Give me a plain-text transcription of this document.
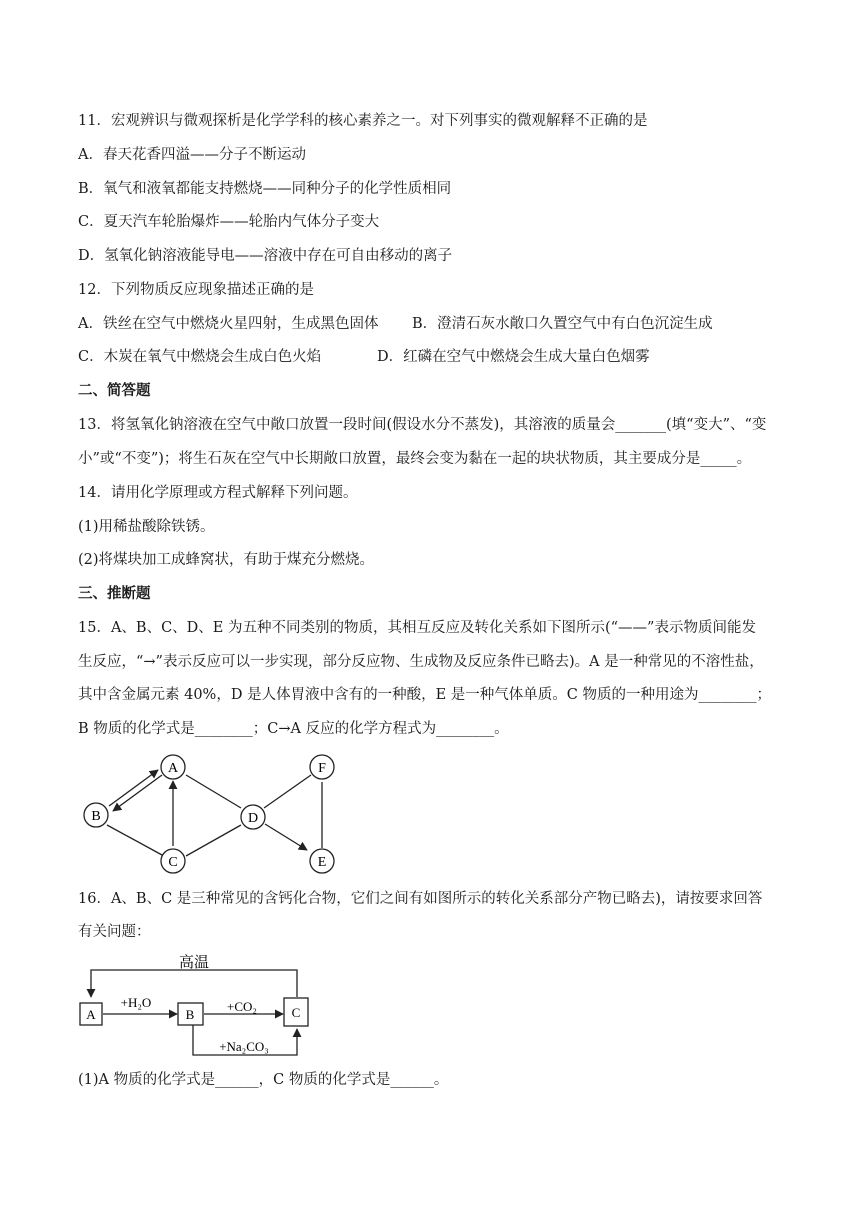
11．宏观辨识与微观探析是化学学科的核心素养之一。对下列事实的微观解释不正确的是
A．春天花香四溢——分子不断运动
B．氧气和液氧都能支持燃烧——同种分子的化学性质相同
C．夏天汽车轮胎爆炸——轮胎内气体分子变大
D．氢氧化钠溶液能导电——溶液中存在可自由移动的离子
12．下列物质反应现象描述正确的是
A．铁丝在空气中燃烧火星四射，生成黑色固体 B．澄清石灰水敞口久置空气中有白色沉淀生成
C．木炭在氧气中燃烧会生成白色火焰	D．红磷在空气中燃烧会生成大量白色烟雾
二、简答题
13．将氢氧化钠溶液在空气中敞口放置一段时间(假设水分不蒸发)，其溶液的质量会_______(填“变大”、“变
小”或“不变”)；将生石灰在空气中长期敞口放置，最终会变为黏在一起的块状物质，其主要成分是_____。
14．请用化学原理或方程式解释下列问题。
(1)用稀盐酸除铁锈。
(2)将煤块加工成蜂窝状，有助于煤充分燃烧。
三、推断题
15．A、B、C、D、E 为五种不同类别的物质，其相互反应及转化关系如下图所示(“——”表示物质间能发
生反应，“→”表示反应可以一步实现，部分反应物、生成物及反应条件已略去)。A 是一种常见的不溶性盐，
其中含金属元素 40%，D 是人体胃液中含有的一种酸，E 是一种气体单质。C 物质的一种用途为________；
B 物质的化学式是________；C→A 反应的化学方程式为________。
A
B
C
D
F
E
16．A、B、C 是三种常见的含钙化合物，它们之间有如图所示的转化关系部分产物已略去)，请按要求回答
有关问题：
高温
+H₂O	+CO₂
+Na₂CO₃
A	B	C
(1)A 物质的化学式是______，C 物质的化学式是______。
